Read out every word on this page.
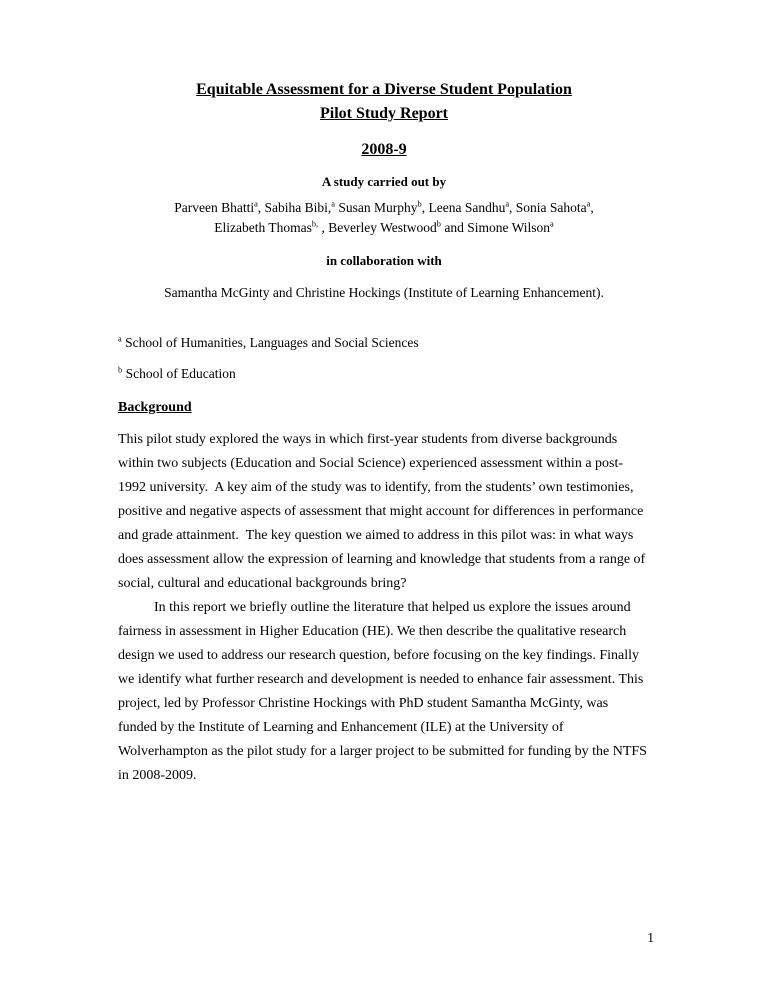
Equitable Assessment for a Diverse Student Population
Pilot Study Report
2008-9
A study carried out by
Parveen Bhatti$^a$, Sabiha Bibi,$^a$ Susan Murphy$^b$, Leena Sandhu$^a$, Sonia Sahota$^a$,
Elizabeth Thomas$^{b,}$ , Beverley Westwood$^b$ and Simone Wilson$^a$
in collaboration with
Samantha McGinty and Christine Hockings (Institute of Learning Enhancement).
$^a$ School of Humanities, Languages and Social Sciences
$^b$ School of Education
Background

This pilot study explored the ways in which first-year students from diverse backgrounds within two subjects (Education and Social Science) experienced assessment within a post-1992 university.  A key aim of the study was to identify, from the students’ own testimonies, positive and negative aspects of assessment that might account for differences in performance and grade attainment.  The key question we aimed to address in this pilot was: in what ways does assessment allow the expression of learning and knowledge that students from a range of social, cultural and educational backgrounds bring?

In this report we briefly outline the literature that helped us explore the issues around fairness in assessment in Higher Education (HE). We then describe the qualitative research design we used to address our research question, before focusing on the key findings. Finally we identify what further research and development is needed to enhance fair assessment. This project, led by Professor Christine Hockings with PhD student Samantha McGinty, was funded by the Institute of Learning and Enhancement (ILE) at the University of Wolverhampton as the pilot study for a larger project to be submitted for funding by the NTFS in 2008-2009.

1
